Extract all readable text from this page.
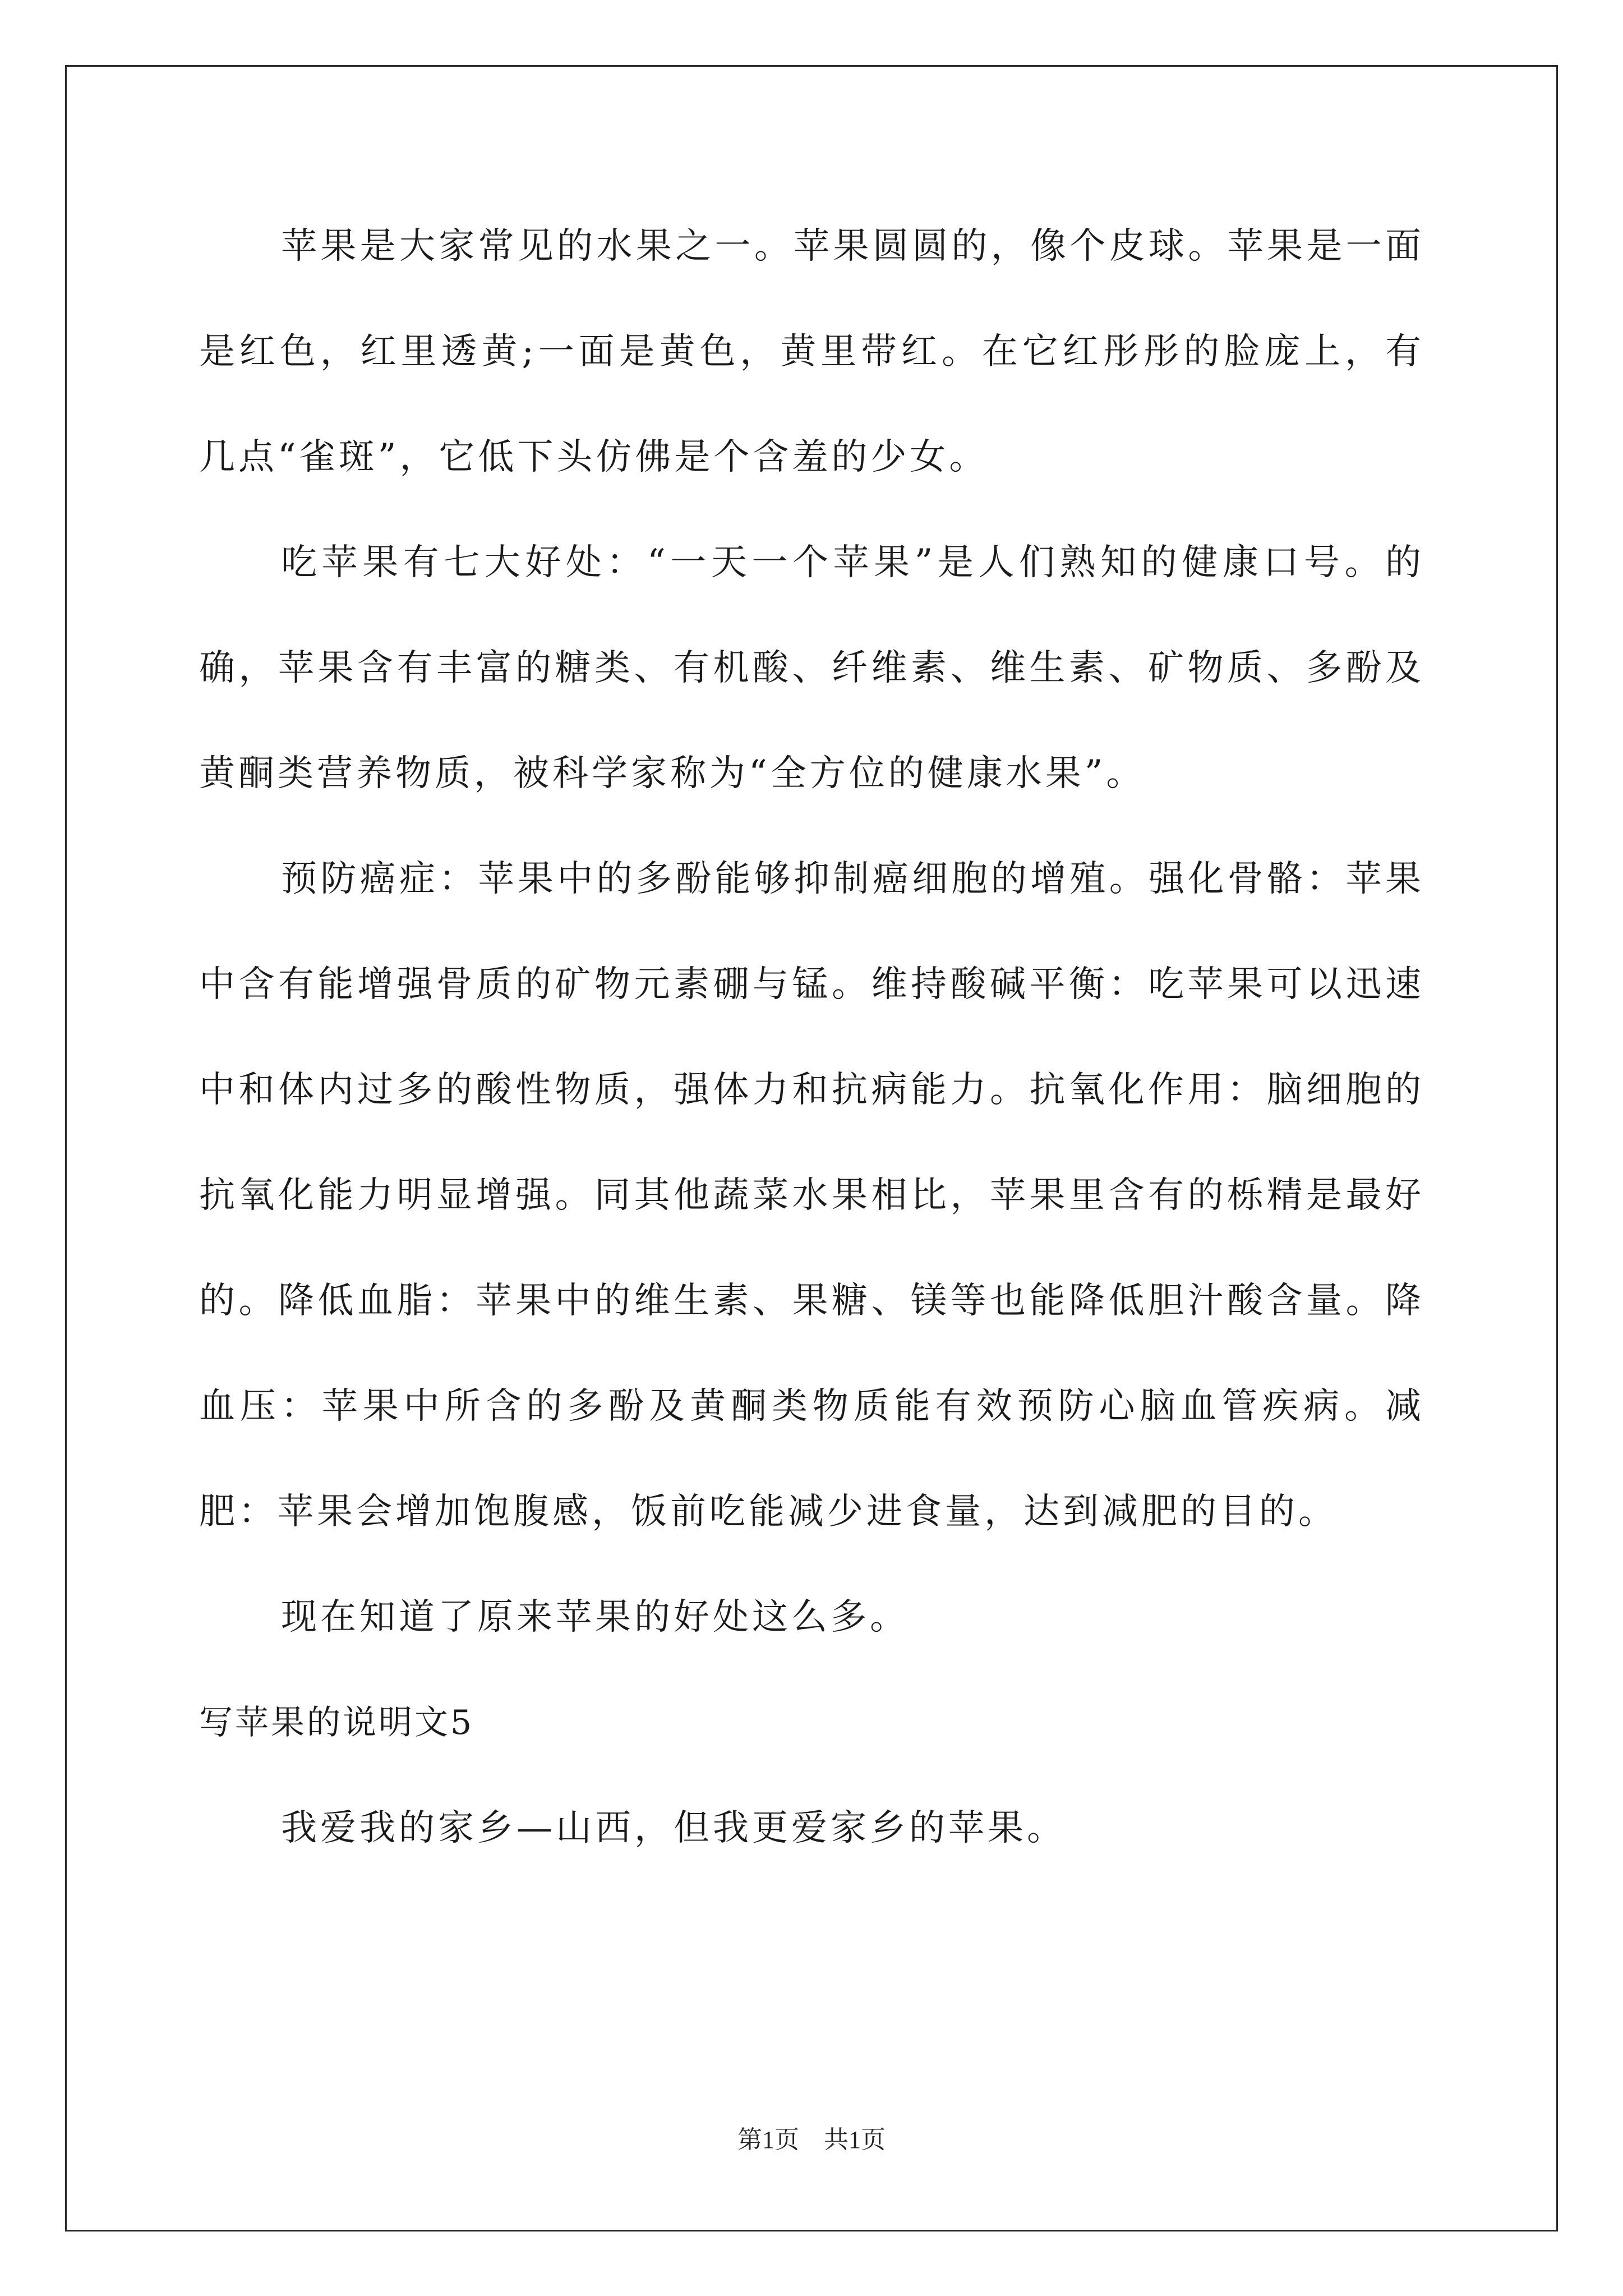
苹果是大家常见的水果之一。苹果圆圆的，像个皮球。苹果是一面是红色，红里透黄;一面是黄色，黄里带红。在它红彤彤的脸庞上，有几点“雀斑”，它低下头仿佛是个含羞的少女。

吃苹果有七大好处：“一天一个苹果”是人们熟知的健康口号。的确，苹果含有丰富的糖类、有机酸、纤维素、维生素、矿物质、多酚及黄酮类营养物质，被科学家称为“全方位的健康水果”。

预防癌症：苹果中的多酚能够抑制癌细胞的增殖。强化骨骼：苹果中含有能增强骨质的矿物元素硼与锰。维持酸碱平衡：吃苹果可以迅速中和体内过多的酸性物质，强体力和抗病能力。抗氧化作用：脑细胞的抗氧化能力明显增强。同其他蔬菜水果相比，苹果里含有的栎精是最好的。降低血脂：苹果中的维生素、果糖、镁等也能降低胆汁酸含量。降血压：苹果中所含的多酚及黄酮类物质能有效预防心脑血管疾病。减肥：苹果会增加饱腹感，饭前吃能减少进食量，达到减肥的目的。

现在知道了原来苹果的好处这么多。

写苹果的说明文5

我爱我的家乡—山西，但我更爱家乡的苹果。

第1页　共1页
